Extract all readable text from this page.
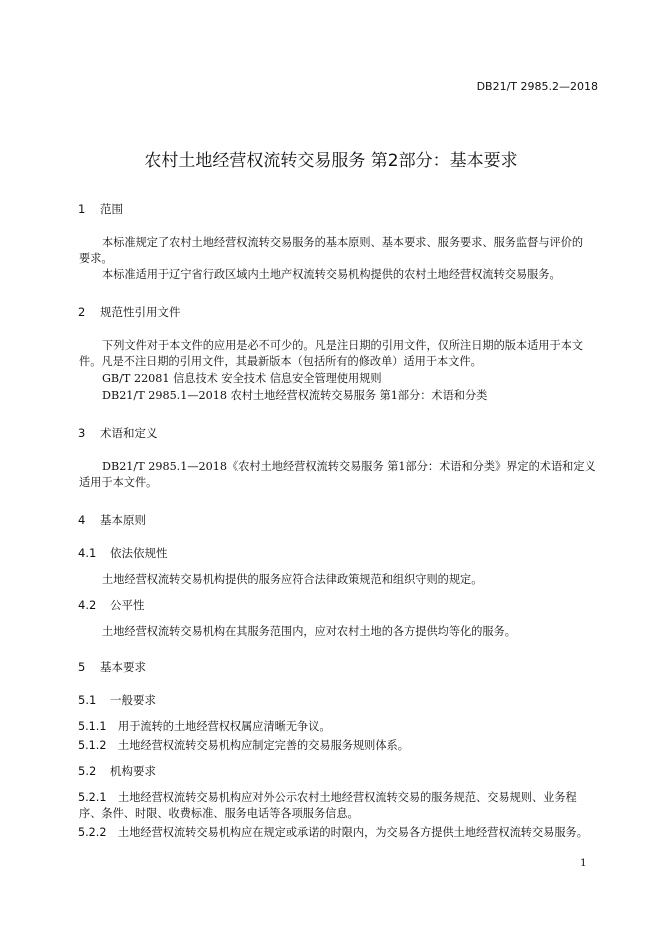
DB21/T 2985.2—2018
农村土地经营权流转交易服务 第2部分：基本要求
1 范围
本标准规定了农村土地经营权流转交易服务的基本原则、基本要求、服务要求、服务监督与评价的
要求。
本标准适用于辽宁省行政区域内土地产权流转交易机构提供的农村土地经营权流转交易服务。
2 规范性引用文件
下列文件对于本文件的应用是必不可少的。凡是注日期的引用文件，仅所注日期的版本适用于本文
件。凡是不注日期的引用文件，其最新版本（包括所有的修改单）适用于本文件。
GB/T 22081 信息技术 安全技术 信息安全管理使用规则
DB21/T 2985.1—2018 农村土地经营权流转交易服务 第1部分：术语和分类
3 术语和定义
DB21/T 2985.1—2018《农村土地经营权流转交易服务 第1部分：术语和分类》界定的术语和定义
适用于本文件。
4 基本原则
4.1 依法依规性
土地经营权流转交易机构提供的服务应符合法律政策规范和组织守则的规定。
4.2 公平性
土地经营权流转交易机构在其服务范围内，应对农村土地的各方提供均等化的服务。
5 基本要求
5.1 一般要求
5.1.1 用于流转的土地经营权权属应清晰无争议。
5.1.2 土地经营权流转交易机构应制定完善的交易服务规则体系。
5.2 机构要求
5.2.1 土地经营权流转交易机构应对外公示农村土地经营权流转交易的服务规范、交易规则、业务程
序、条件、时限、收费标准、服务电话等各项服务信息。
5.2.2 土地经营权流转交易机构应在规定或承诺的时限内，为交易各方提供土地经营权流转交易服务。
1
